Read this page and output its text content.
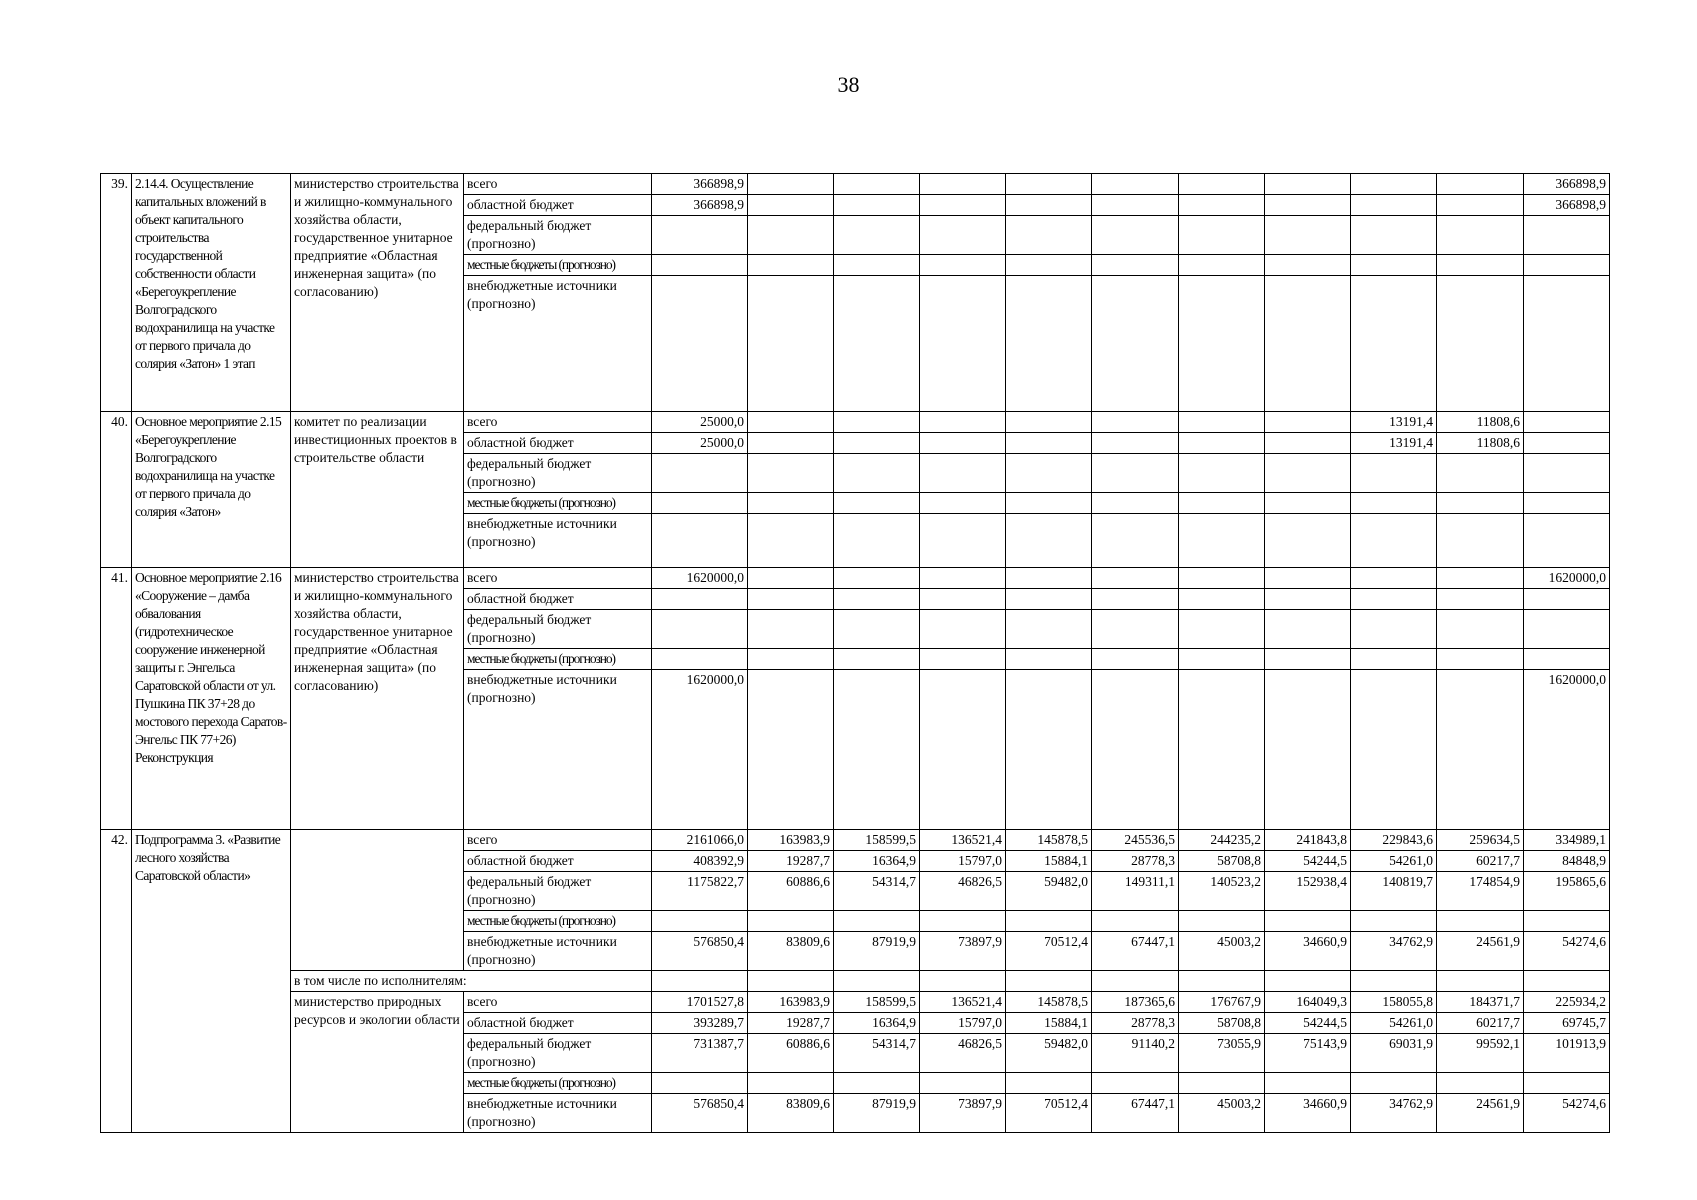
38
39.	2.14.4. Осуществление капитальных вложений в объект капитального строительства государственной собственности области «Берегоукрепление Волгоградского водохранилища на участке от первого причала до солярия «Затон» 1 этап	министерство строительства и жилищно-коммунального хозяйства области, государственное унитарное предприятие «Областная инженерная защита» (по согласованию)	всего	366898,9										366898,9
			областной бюджет	366898,9										366898,9
			федеральный бюджет (прогнозно)											
			местные бюджеты (прогнозно)											
			внебюджетные источники (прогнозно)											
40.	Основное мероприятие 2.15 «Берегоукрепление Волгоградского водохранилища на участке от первого причала до солярия «Затон»	комитет по реализации инвестиционных проектов в строительстве области	всего	25000,0								13191,4	11808,6	
			областной бюджет	25000,0								13191,4	11808,6	
			федеральный бюджет (прогнозно)											
			местные бюджеты (прогнозно)											
			внебюджетные источники (прогнозно)											
41.	Основное мероприятие 2.16 «Сооружение – дамба обвалования (гидротехническое сооружение инженерной защиты г. Энгельса Саратовской области от ул. Пушкина ПК 37+28 до мостового перехода Саратов-Энгельс ПК 77+26) Реконструкция	министерство строительства и жилищно-коммунального хозяйства области, государственное унитарное предприятие «Областная инженерная защита» (по согласованию)	всего	1620000,0										1620000,0
			областной бюджет											
			федеральный бюджет (прогнозно)											
			местные бюджеты (прогнозно)											
			внебюджетные источники (прогнозно)	1620000,0										1620000,0
42.	Подпрограмма 3. «Развитие лесного хозяйства Саратовской области»		всего	2161066,0	163983,9	158599,5	136521,4	145878,5	245536,5	244235,2	241843,8	229843,6	259634,5	334989,1
			областной бюджет	408392,9	19287,7	16364,9	15797,0	15884,1	28778,3	58708,8	54244,5	54261,0	60217,7	84848,9
			федеральный бюджет (прогнозно)	1175822,7	60886,6	54314,7	46826,5	59482,0	149311,1	140523,2	152938,4	140819,7	174854,9	195865,6
			местные бюджеты (прогнозно)											
			внебюджетные источники (прогнозно)	576850,4	83809,6	87919,9	73897,9	70512,4	67447,1	45003,2	34660,9	34762,9	24561,9	54274,6
		в том числе по исполнителям:												
		министерство природных ресурсов и экологии области	всего	1701527,8	163983,9	158599,5	136521,4	145878,5	187365,6	176767,9	164049,3	158055,8	184371,7	225934,2
			областной бюджет	393289,7	19287,7	16364,9	15797,0	15884,1	28778,3	58708,8	54244,5	54261,0	60217,7	69745,7
			федеральный бюджет (прогнозно)	731387,7	60886,6	54314,7	46826,5	59482,0	91140,2	73055,9	75143,9	69031,9	99592,1	101913,9
			местные бюджеты (прогнозно)											
			внебюджетные источники (прогнозно)	576850,4	83809,6	87919,9	73897,9	70512,4	67447,1	45003,2	34660,9	34762,9	24561,9	54274,6
